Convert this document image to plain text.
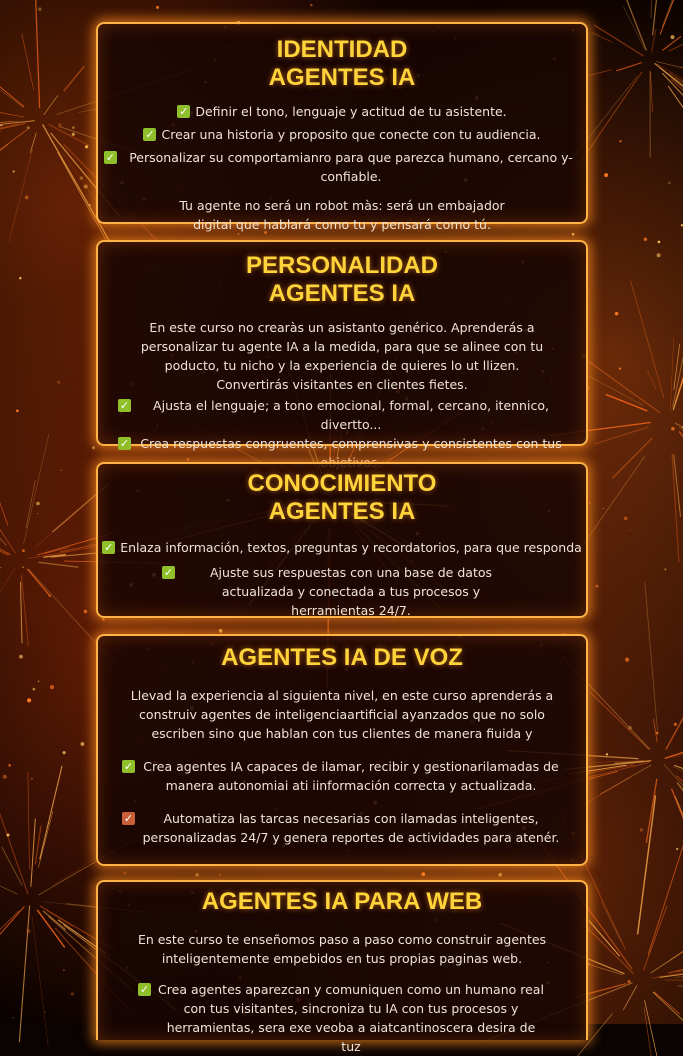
IDENTIDAD
AGENTES IA

✓ Definir el tono, lenguaje y actitud de tu asistente.

✓ Crear una historia y proposito que conecte con tu audiencia.

✓	Personalizar su comportamianro para que parezca humano, cercano y-confiable.

Tu agente no será un robot màs: será un embajador digital que hablará como tu y pensará como tú.

PERSONALIDAD
AGENTES IA

En este curso no crearàs un asistanto genérico. Aprenderás a personalizar tu agente IA a la medida, para que se alinee con tu poducto, tu nicho y la experiencia de quieres lo ut llizen. Convertirás visitantes en clientes fietes.

✓	Ajusta el lenguaje; a tono emocional, formal, cercano, itennico, divertto...

✓ Crea respuestas congruentes, comprensivas y consistentes con tus

CONOCIMIENTO
AGENTES IA

✓ Enlaza información, textos, preguntas y recordatorios, para que responda

✓	Ajuste sus respuestas con una base de datos actualizada y conectada a tus procesos y herramientas 24/7.

AGENTES IA DE VOZ

Llevad la experiencia al siguienta nivel, en este curso aprenderás a construiv agentes de inteligenciaartificial ayanzados que no solo escriben sino que hablan con tus clientes de manera fiuida y

✓ Crea agentes IA capaces de ilamar, recibir y gestionarilamadas de manera autonomiai ati iinformación correcta y actualizada.

✓	Automatiza las tarcas necesarias con ilamadas inteligentes, personalizadas 24/7 y genera reportes de actividades para atenér.

AGENTES IA PARA WEB

En este curso te enseñomos paso a paso como construir agentes inteligentemente empebidos en tus propias paginas web.

✓ Crea agentes aparezcan y comuniquen como un humano real con tus visitantes, sincroniza tu IA con tus procesos y herramientas, sera exe veoba a aiatcantinoscera desira de tuz
